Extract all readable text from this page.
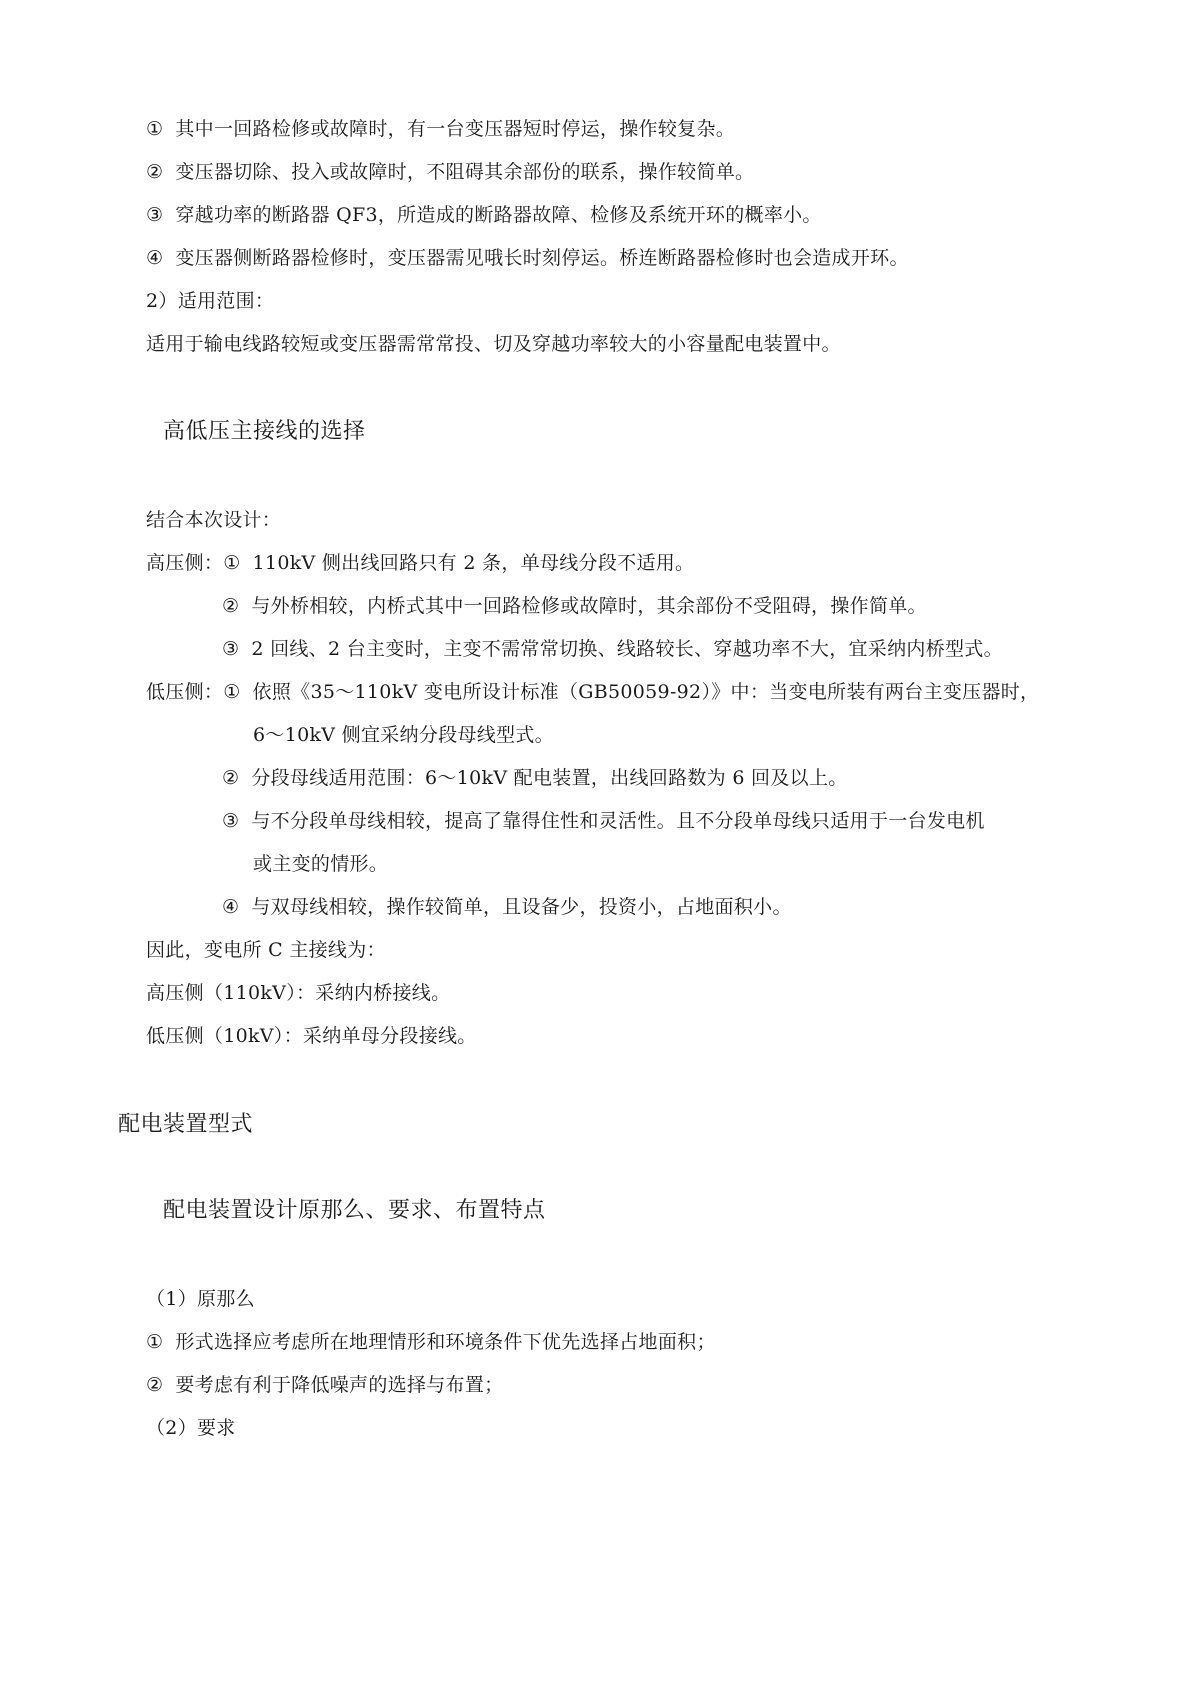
① 其中一回路检修或故障时，有一台变压器短时停运，操作较复杂。
② 变压器切除、投入或故障时，不阻碍其余部份的联系，操作较简单。
③ 穿越功率的断路器 QF3，所造成的断路器故障、检修及系统开环的概率小。
④ 变压器侧断路器检修时，变压器需见哦长时刻停运。桥连断路器检修时也会造成开环。
2）适用范围：
适用于输电线路较短或变压器需常常投、切及穿越功率较大的小容量配电装置中。
高低压主接线的选择
结合本次设计：
高压侧：① 110kV 侧出线回路只有 2 条，单母线分段不适用。
② 与外桥相较，内桥式其中一回路检修或故障时，其余部份不受阻碍，操作简单。
③ 2 回线、2 台主变时，主变不需常常切换、线路较长、穿越功率不大，宜采纳内桥型式。
低压侧：① 依照《35～110kV 变电所设计标准（GB50059-92）》中：当变电所装有两台主变压器时，
6～10kV 侧宜采纳分段母线型式。
② 分段母线适用范围：6～10kV 配电装置，出线回路数为 6 回及以上。
③ 与不分段单母线相较，提高了靠得住性和灵活性。且不分段单母线只适用于一台发电机
或主变的情形。
④ 与双母线相较，操作较简单，且设备少，投资小，占地面积小。
因此，变电所 C 主接线为：
高压侧（110kV）：采纳内桥接线。
低压侧（10kV）：采纳单母分段接线。
配电装置型式
配电装置设计原那么、要求、布置特点
（1）原那么
① 形式选择应考虑所在地理情形和环境条件下优先选择占地面积；
② 要考虑有利于降低噪声的选择与布置；
（2）要求
